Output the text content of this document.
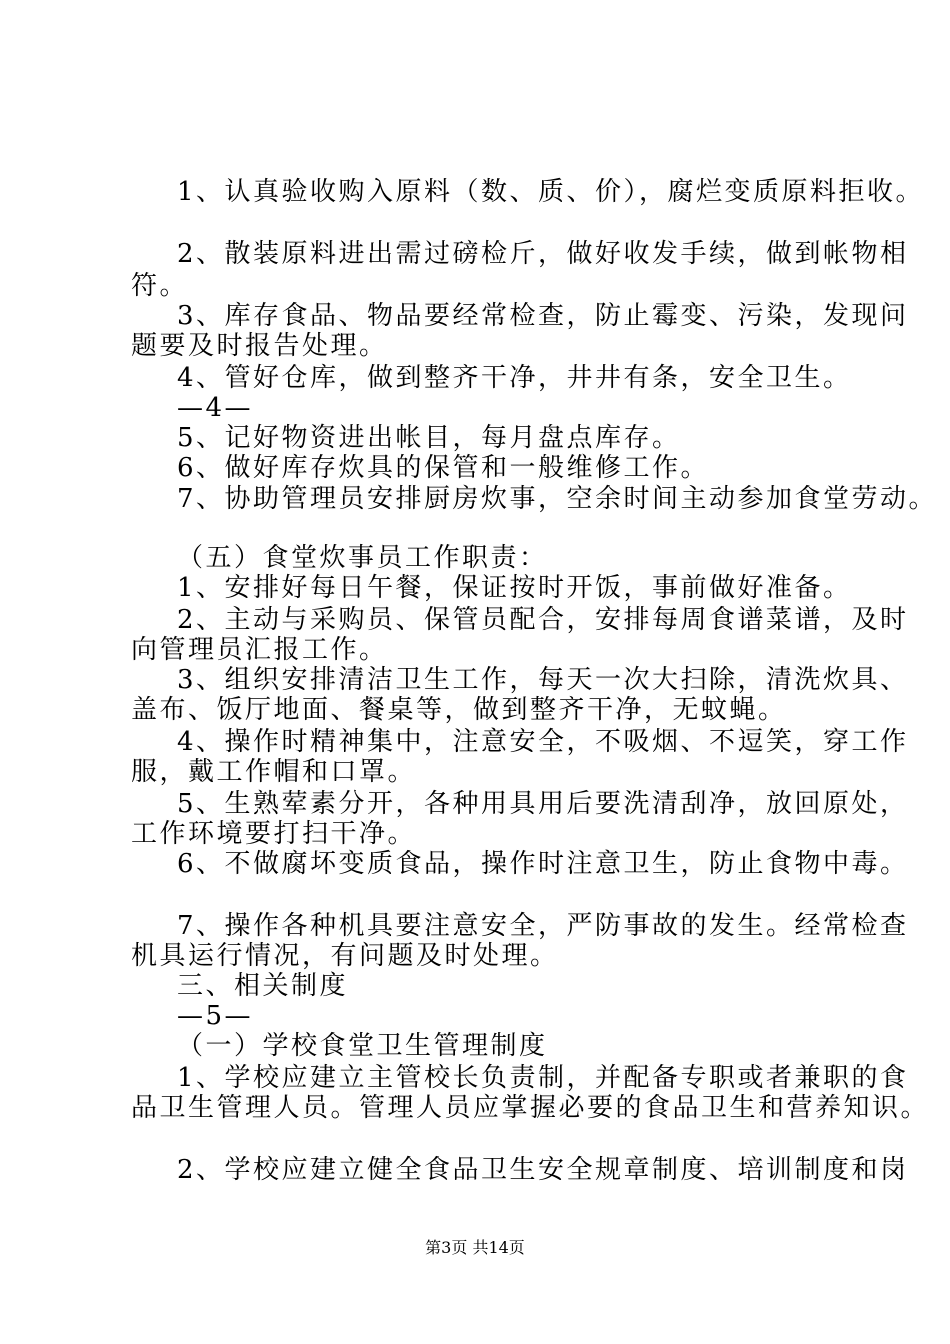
1、认真验收购入原料（数、质、价），腐烂变质原料拒收。
2、散装原料进出需过磅检斤，做好收发手续，做到帐物相
符。
3、库存食品、物品要经常检查，防止霉变、污染，发现问
题要及时报告处理。
4、管好仓库，做到整齐干净，井井有条，安全卫生。
—4—
5、记好物资进出帐目，每月盘点库存。
6、做好库存炊具的保管和一般维修工作。
7、协助管理员安排厨房炊事，空余时间主动参加食堂劳动。
（五）食堂炊事员工作职责：
1、安排好每日午餐，保证按时开饭，事前做好准备。
2、主动与采购员、保管员配合，安排每周食谱菜谱，及时
向管理员汇报工作。
3、组织安排清洁卫生工作，每天一次大扫除，清洗炊具、
盖布、饭厅地面、餐桌等，做到整齐干净，无蚊蝇。
4、操作时精神集中，注意安全，不吸烟、不逗笑，穿工作
服，戴工作帽和口罩。
5、生熟荤素分开，各种用具用后要洗清刮净，放回原处，
工作环境要打扫干净。
6、不做腐坏变质食品，操作时注意卫生，防止食物中毒。
7、操作各种机具要注意安全，严防事故的发生。经常检查
机具运行情况，有问题及时处理。
三、相关制度
—5—
（一）学校食堂卫生管理制度
1、学校应建立主管校长负责制，并配备专职或者兼职的食
品卫生管理人员。管理人员应掌握必要的食品卫生和营养知识。
2、学校应建立健全食品卫生安全规章制度、培训制度和岗
第3页 共14页
